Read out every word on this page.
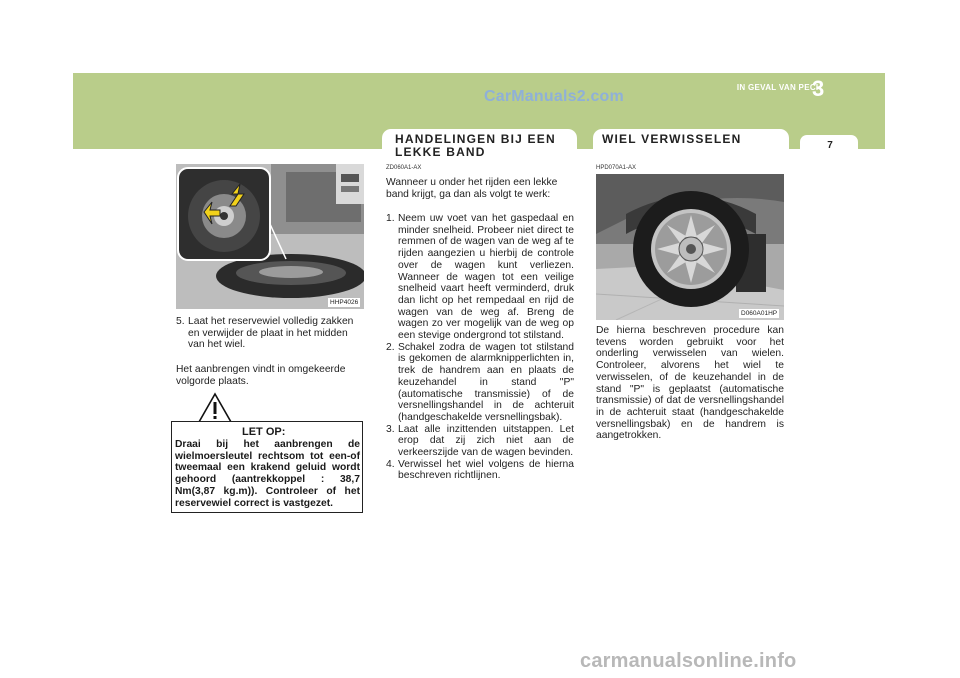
CarManuals2.com
IN GEVAL VAN PECH
3
HANDELINGEN BIJ EEN LEKKE BAND
WIEL VERWISSELEN	7
HHP4026
5. Laat het reservewiel volledig zakken en verwijder de plaat in het midden van het wiel.
Het aanbrengen vindt in omgekeerde volgorde plaats.
LET OP:
Draai bij het aanbrengen de wielmoersleutel rechtsom tot een-of tweemaal een krakend geluid wordt gehoord (aantrekkoppel : 38,7 Nm(3,87 kg.m)). Controleer of het reservewiel correct is vastgezet.
ZD060A1-AX
Wanneer u onder het rijden een lekke band krijgt, ga dan als volgt te werk:
1. Neem uw voet van het gaspedaal en minder snelheid. Probeer niet direct te remmen of de wagen van de weg af te rijden aangezien u hierbij de controle over de wagen kunt verliezen. Wanneer de wagen tot een veilige snelheid vaart heeft verminderd, druk dan licht op het rempedaal en rijd de wagen van de weg af. Breng de wagen zo ver mogelijk van de weg op een stevige ondergrond tot stilstand.
2. Schakel zodra de wagen tot stilstand is gekomen de alarmknipperlichten in, trek de handrem aan en plaats de keuzehandel in stand "P" (automatische transmissie) of de versnellingshandel in de achteruit (handgeschakelde versnellingsbak).
3. Laat alle inzittenden uitstappen. Let erop dat zij zich niet aan de verkeerszijde van de wagen bevinden.
4. Verwissel het wiel volgens de hierna beschreven richtlijnen.
HPD070A1-AX
D060A01HP
De hierna beschreven procedure kan tevens worden gebruikt voor het onderling verwisselen van wielen. Controleer, alvorens het wiel te verwisselen, of de keuzehandel in de stand "P" is geplaatst (automatische transmissie) of dat de versnellingshandel in de achteruit staat (handgeschakelde versnellingsbak) en de handrem is aangetrokken.
carmanualsonline.info
